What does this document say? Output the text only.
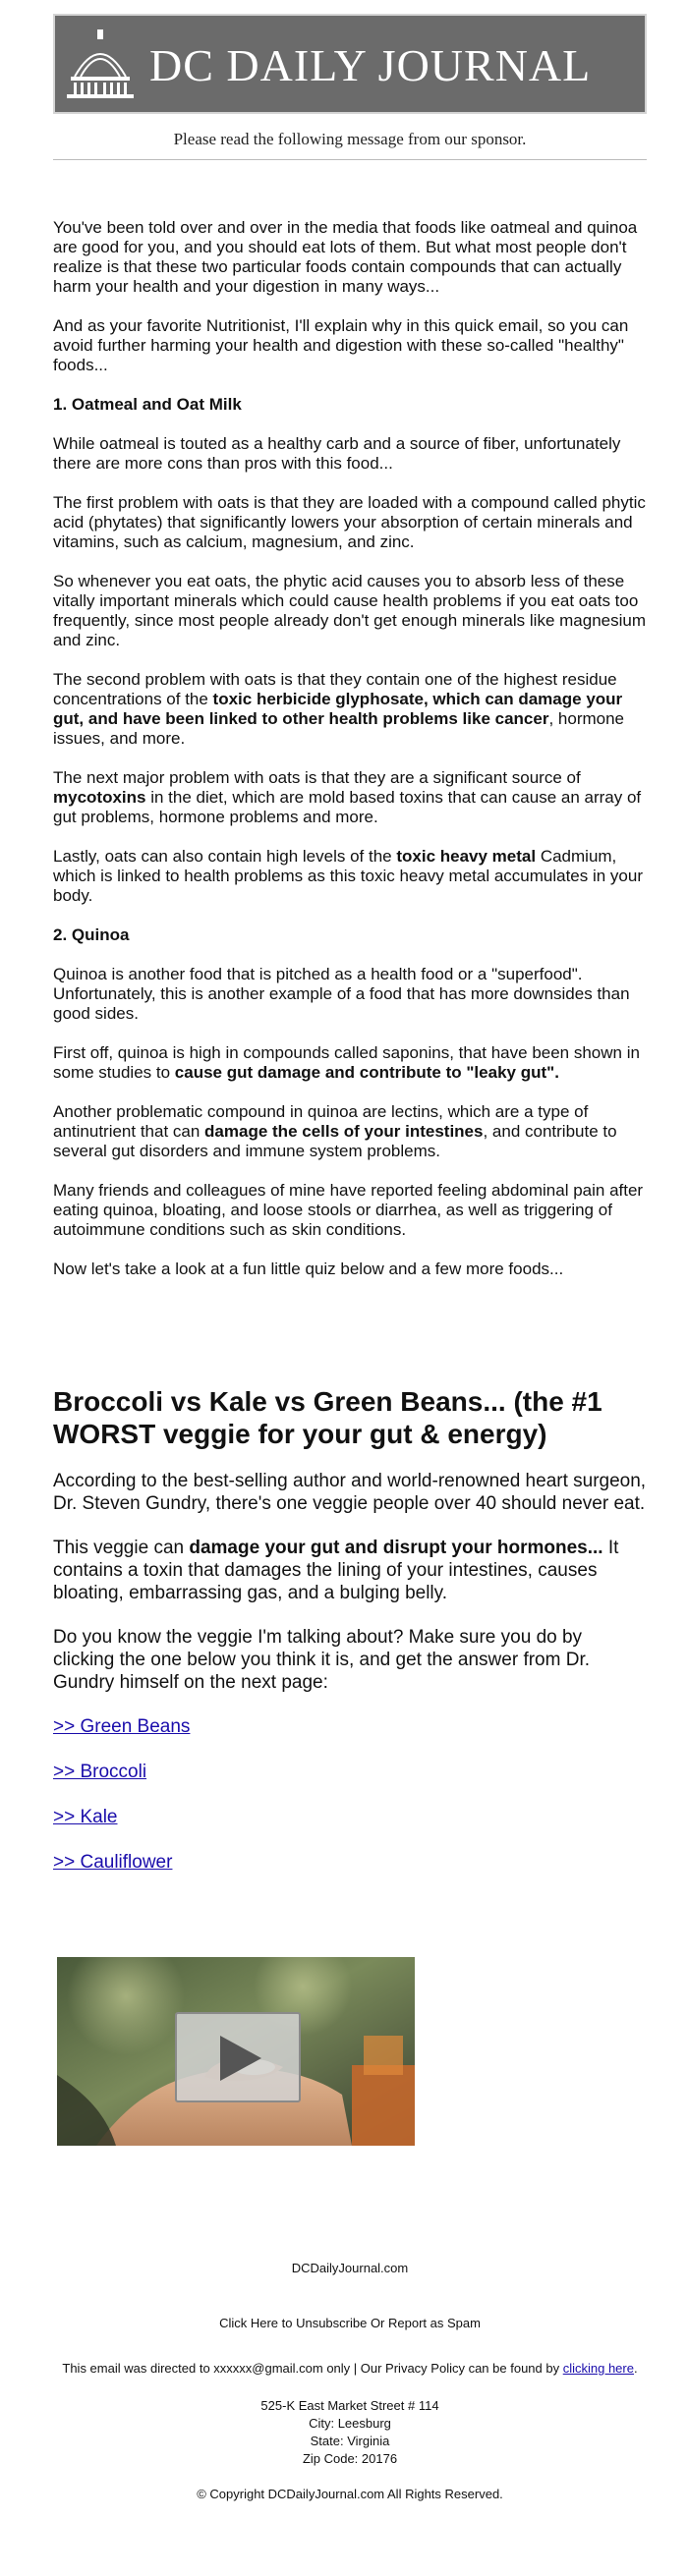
DC DAILY JOURNAL
Please read the following message from our sponsor.

You've been told over and over in the media that foods like oatmeal and quinoa are good for you, and you should eat lots of them. But what most people don't realize is that these two particular foods contain compounds that can actually harm your health and your digestion in many ways...

And as your favorite Nutritionist, I'll explain why in this quick email, so you can avoid further harming your health and digestion with these so-called "healthy" foods...

1. Oatmeal and Oat Milk

While oatmeal is touted as a healthy carb and a source of fiber, unfortunately there are more cons than pros with this food...

The first problem with oats is that they are loaded with a compound called phytic acid (phytates) that significantly lowers your absorption of certain minerals and vitamins, such as calcium, magnesium, and zinc.

So whenever you eat oats, the phytic acid causes you to absorb less of these vitally important minerals which could cause health problems if you eat oats too frequently, since most people already don't get enough minerals like magnesium and zinc.

The second problem with oats is that they contain one of the highest residue concentrations of the toxic herbicide glyphosate, which can damage your gut, and have been linked to other health problems like cancer, hormone issues, and more.

The next major problem with oats is that they are a significant source of mycotoxins in the diet, which are mold based toxins that can cause an array of gut problems, hormone problems and more.

Lastly, oats can also contain high levels of the toxic heavy metal Cadmium, which is linked to health problems as this toxic heavy metal accumulates in your body.

2. Quinoa

Quinoa is another food that is pitched as a health food or a "superfood". Unfortunately, this is another example of a food that has more downsides than good sides.

First off, quinoa is high in compounds called saponins, that have been shown in some studies to cause gut damage and contribute to "leaky gut".

Another problematic compound in quinoa are lectins, which are a type of antinutrient that can damage the cells of your intestines, and contribute to several gut disorders and immune system problems.

Many friends and colleagues of mine have reported feeling abdominal pain after eating quinoa, bloating, and loose stools or diarrhea, as well as triggering of autoimmune conditions such as skin conditions.

Now let's take a look at a fun little quiz below and a few more foods...

Broccoli vs Kale vs Green Beans... (the #1 WORST veggie for your gut & energy)

According to the best-selling author and world-renowned heart surgeon, Dr. Steven Gundry, there's one veggie people over 40 should never eat.

This veggie can damage your gut and disrupt your hormones... It contains a toxin that damages the lining of your intestines, causes bloating, embarrassing gas, and a bulging belly.

Do you know the veggie I'm talking about? Make sure you do by clicking the one below you think it is, and get the answer from Dr. Gundry himself on the next page:

>> Green Beans
>> Broccoli
>> Kale
>> Cauliflower
DCDailyJournal.com
Click Here to Unsubscribe Or Report as Spam
This email was directed to xxxxxx@gmail.com only | Our Privacy Policy can be found by clicking here.
525-K East Market Street # 114
City: Leesburg
State: Virginia
Zip Code: 20176
© Copyright DCDailyJournal.com All Rights Reserved.
